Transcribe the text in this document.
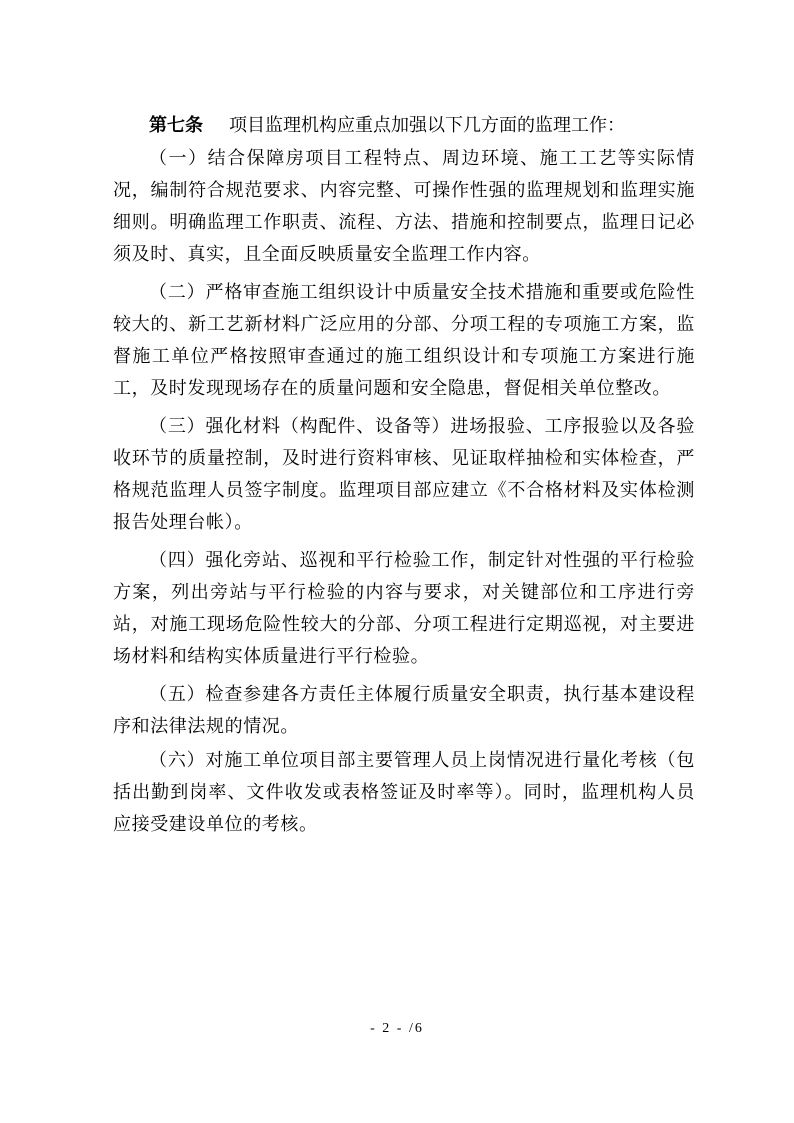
第七条 项目监理机构应重点加强以下几方面的监理工作：

（一）结合保障房项目工程特点、周边环境、施工工艺等实际情况，编制符合规范要求、内容完整、可操作性强的监理规划和监理实施细则。明确监理工作职责、流程、方法、措施和控制要点，监理日记必须及时、真实，且全面反映质量安全监理工作内容。

（二）严格审查施工组织设计中质量安全技术措施和重要或危险性较大的、新工艺新材料广泛应用的分部、分项工程的专项施工方案，监督施工单位严格按照审查通过的施工组织设计和专项施工方案进行施工，及时发现现场存在的质量问题和安全隐患，督促相关单位整改。

（三）强化材料（构配件、设备等）进场报验、工序报验以及各验收环节的质量控制，及时进行资料审核、见证取样抽检和实体检查，严格规范监理人员签字制度。监理项目部应建立《不合格材料及实体检测报告处理台帐）。

（四）强化旁站、巡视和平行检验工作，制定针对性强的平行检验方案，列出旁站与平行检验的内容与要求，对关键部位和工序进行旁站，对施工现场危险性较大的分部、分项工程进行定期巡视，对主要进场材料和结构实体质量进行平行检验。

（五）检查参建各方责任主体履行质量安全职责，执行基本建设程序和法律法规的情况。

（六）对施工单位项目部主要管理人员上岗情况进行量化考核（包括出勤到岗率、文件收发或表格签证及时率等）。同时，监理机构人员应接受建设单位的考核。

- 2 - /6
